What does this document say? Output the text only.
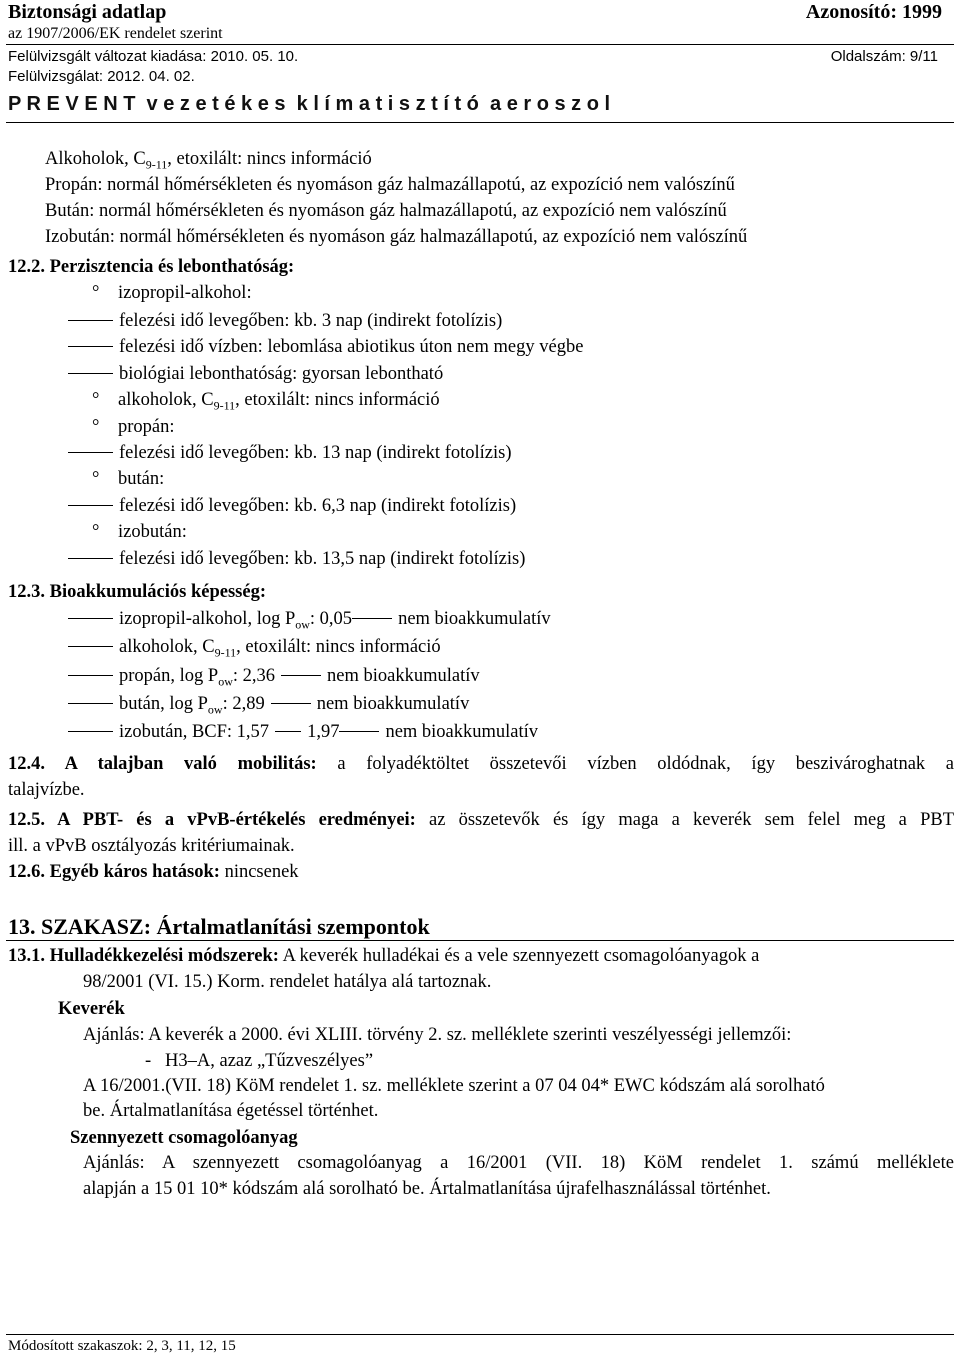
Biztonsági adatlap	Azonosító: 1999
az 1907/2006/EK rendelet szerint
Felülvizsgált változat kiadása: 2010. 05. 10.	Oldalszám: 9/11
Felülvizsgálat: 2012. 04. 02.
P R E V E N T  v e z e t é k e s  k l í m a t i s z t í t ó  a e r o s z o l
Alkoholok, $C_{9-11}$, etoxilált: nincs információ
Propán: normál hőmérsékleten és nyomáson gáz halmazállapotú, az expozíció nem valószínű
Bután: normál hőmérsékleten és nyomáson gáz halmazállapotú, az expozíció nem valószínű
Izobután: normál hőmérsékleten és nyomáson gáz halmazállapotú, az expozíció nem valószínű
12.2. Perzisztencia és lebonthatóság:
° izopropil-alkohol:
felezési idő levegőben: kb. 3 nap (indirekt fotolízis)
felezési idő vízben: lebomlása abiotikus úton nem megy végbe
biológiai lebonthatóság: gyorsan lebontható
° alkoholok, $C_{9-11}$, etoxilált: nincs információ
° propán:
felezési idő levegőben: kb. 13 nap (indirekt fotolízis)
° bután:
felezési idő levegőben: kb. 6,3 nap (indirekt fotolízis)
° izobután:
felezési idő levegőben: kb. 13,5 nap (indirekt fotolízis)
12.3. Bioakkumulációs képesség:
izopropil-alkohol, $\log P_{ow}$: 0,05 nem bioakkumulatív
alkoholok, $C_{9-11}$, etoxilált: nincs információ
propán, $\log P_{ow}$: 2,36	nem bioakkumulatív
bután, $\log P_{ow}$: 2,89	nem bioakkumulatív
izobután, BCF: 1,57 1,97 nem bioakkumulatív
12.4. A talajban való mobilitás: a folyadéktöltet összetevői vízben oldódnak, így beszivároghatnak a
talajvízbe.
12.5. A PBT- és a vPvB-értékelés eredményei: az összetevők és így maga a keverék sem felel meg a PBT
ill. a vPvB osztályozás kritériumainak.
12.6. Egyéb káros hatások: nincsenek
13. SZAKASZ: Ártalmatlanítási szempontok
13.1. Hulladékkezelési módszerek: A keverék hulladékai és a vele szennyezett csomagolóanyagok a
98/2001 (VI. 15.) Korm. rendelet hatálya alá tartoznak.
Keverék
Ajánlás: A keverék a 2000. évi XLIII. törvény 2. sz. melléklete szerinti veszélyességi jellemzői:
-   H3–A, azaz „Tűzveszélyes”
A 16/2001.(VII. 18) KöM rendelet 1. sz. melléklete szerint a 07 04 04* EWC kódszám alá sorolható
be. Ártalmatlanítása égetéssel történhet.
Szennyezett csomagolóanyag
Ajánlás: A szennyezett csomagolóanyag a 16/2001 (VII. 18) KöM rendelet 1. számú melléklete
alapján a 15 01 10* kódszám alá sorolható be. Ártalmatlanítása újrafelhasználással történhet.
Módosított szakaszok: 2, 3, 11, 12, 15
